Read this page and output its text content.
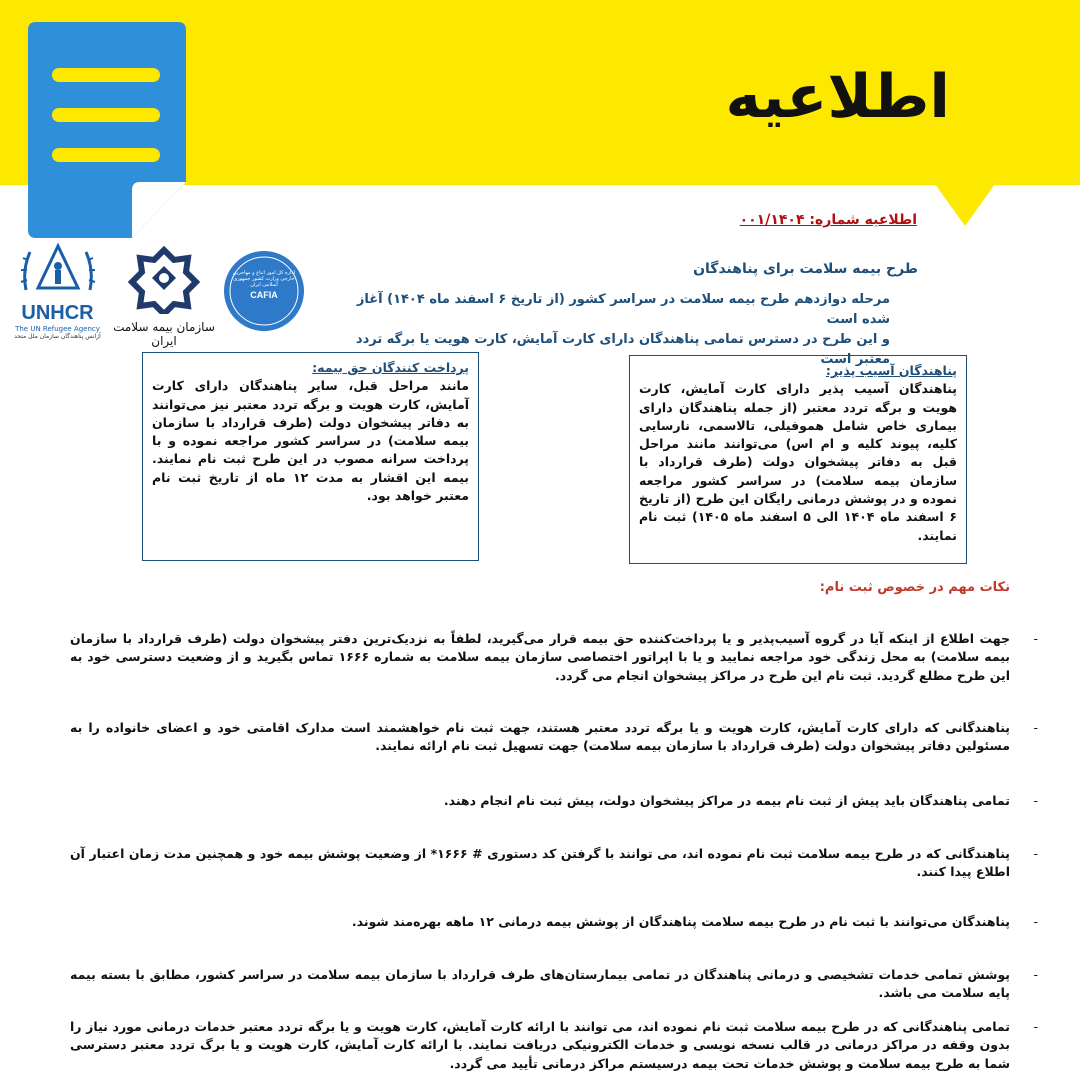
اطلاعیه
اطلاعیه شماره: ۰۰۱/۱۴۰۴
UNHCR
The UN Refugee Agency
آژانس پناهندگان سازمان ملل متحد
سازمان بیمه سلامت ایران
اداره کل امور اتباع و مهاجرین خارجی وزارت کشور جمهوری اسلامی ایران
CAFIA
طرح بیمه سلامت برای پناهندگان
مرحله دوازدهم طرح بیمه سلامت در سراسر کشور (از تاریخ ۶ اسفند ماه ۱۴۰۴) آغاز شده است
و این طرح در دسترس تمامی پناهندگان دارای کارت آمایش، کارت هویت یا برگه تردد معتبر است
پرداخت کنندگان حق بیمه:
مانند مراحل قبل، سایر پناهندگان دارای کارت آمایش، کارت هویت و برگه تردد معتبر نیز می‌توانند به دفاتر پیشخوان دولت (طرف قرارداد با سازمان بیمه سلامت) در سراسر کشور مراجعه نموده و با پرداخت سرانه مصوب در این طرح ثبت نام نمایند. بیمه این اقشار به مدت ۱۲ ماه از تاریخ ثبت نام معتبر خواهد بود.
پناهندگان آسیب پذیر:
پناهندگان آسیب پذیر دارای کارت آمایش، کارت هویت و برگه تردد معتبر (از جمله پناهندگان دارای بیماری خاص شامل هموفیلی، تالاسمی، نارسایی کلیه، پیوند کلیه و ام اس) می‌توانند مانند مراحل قبل به دفاتر پیشخوان دولت (طرف قرارداد با سازمان بیمه سلامت) در سراسر کشور مراجعه نموده و در پوشش درمانی رایگان این طرح (از تاریخ ۶ اسفند ماه ۱۴۰۴ الی ۵ اسفند ماه ۱۴۰۵) ثبت نام نمایند.
نکات مهم در خصوص ثبت نام:
-
جهت اطلاع از اینکه آیا در گروه آسیب‌پذیر و یا پرداخت‌کننده حق بیمه قرار می‌گیرید، لطفاً به نزدیک‌ترین دفتر پیشخوان دولت (طرف قرارداد با سازمان بیمه سلامت) به محل زندگی خود مراجعه نمایید و یا با اپراتور اختصاصی سازمان بیمه سلامت به شماره ۱۶۶۶ تماس بگیرید و از وضعیت دسترسی خود به این طرح مطلع گردید. ثبت نام این طرح در مراکز پیشخوان انجام می گردد.
-
پناهندگانی که دارای کارت آمایش، کارت هویت و یا برگه تردد معتبر هستند، جهت ثبت نام خواهشمند است مدارک اقامتی خود و اعضای خانواده را به مسئولین دفاتر پیشخوان دولت (طرف قرارداد با سازمان بیمه سلامت) جهت تسهیل ثبت نام ارائه نمایند.
-
تمامی پناهندگان باید پیش از ثبت نام بیمه در مراکز پیشخوان دولت، پیش ثبت نام انجام دهند.
-
پناهندگانی که در طرح بیمه سلامت ثبت نام نموده اند، می توانند با گرفتن کد دستوری # ۱۶۶۶* از وضعیت پوشش بیمه خود و همچنین مدت زمان اعتبار آن اطلاع پیدا کنند.
-
پناهندگان می‌توانند با ثبت نام در طرح بیمه سلامت پناهندگان از پوشش بیمه درمانی ۱۲ ماهه بهره‌مند شوند.
-
پوشش تمامی خدمات تشخیصی و درمانی پناهندگان در تمامی بیمارستان‌های طرف قرارداد با سازمان بیمه سلامت در سراسر کشور، مطابق با بسته بیمه پایه سلامت می باشد.
-
تمامی پناهندگانی که در طرح بیمه سلامت ثبت نام نموده اند، می توانند با ارائه کارت آمایش، کارت هویت و یا برگه تردد معتبر خدمات درمانی مورد نیاز را بدون وقفه در مراکز درمانی در قالب نسخه نویسی و خدمات الکترونیکی دریافت نمایند. با ارائه کارت آمایش، کارت هویت و یا برگ تردد معتبر دسترسی شما به طرح بیمه سلامت و پوشش خدمات تحت بیمه درسیستم مراکز درمانی تأیید می گردد.
